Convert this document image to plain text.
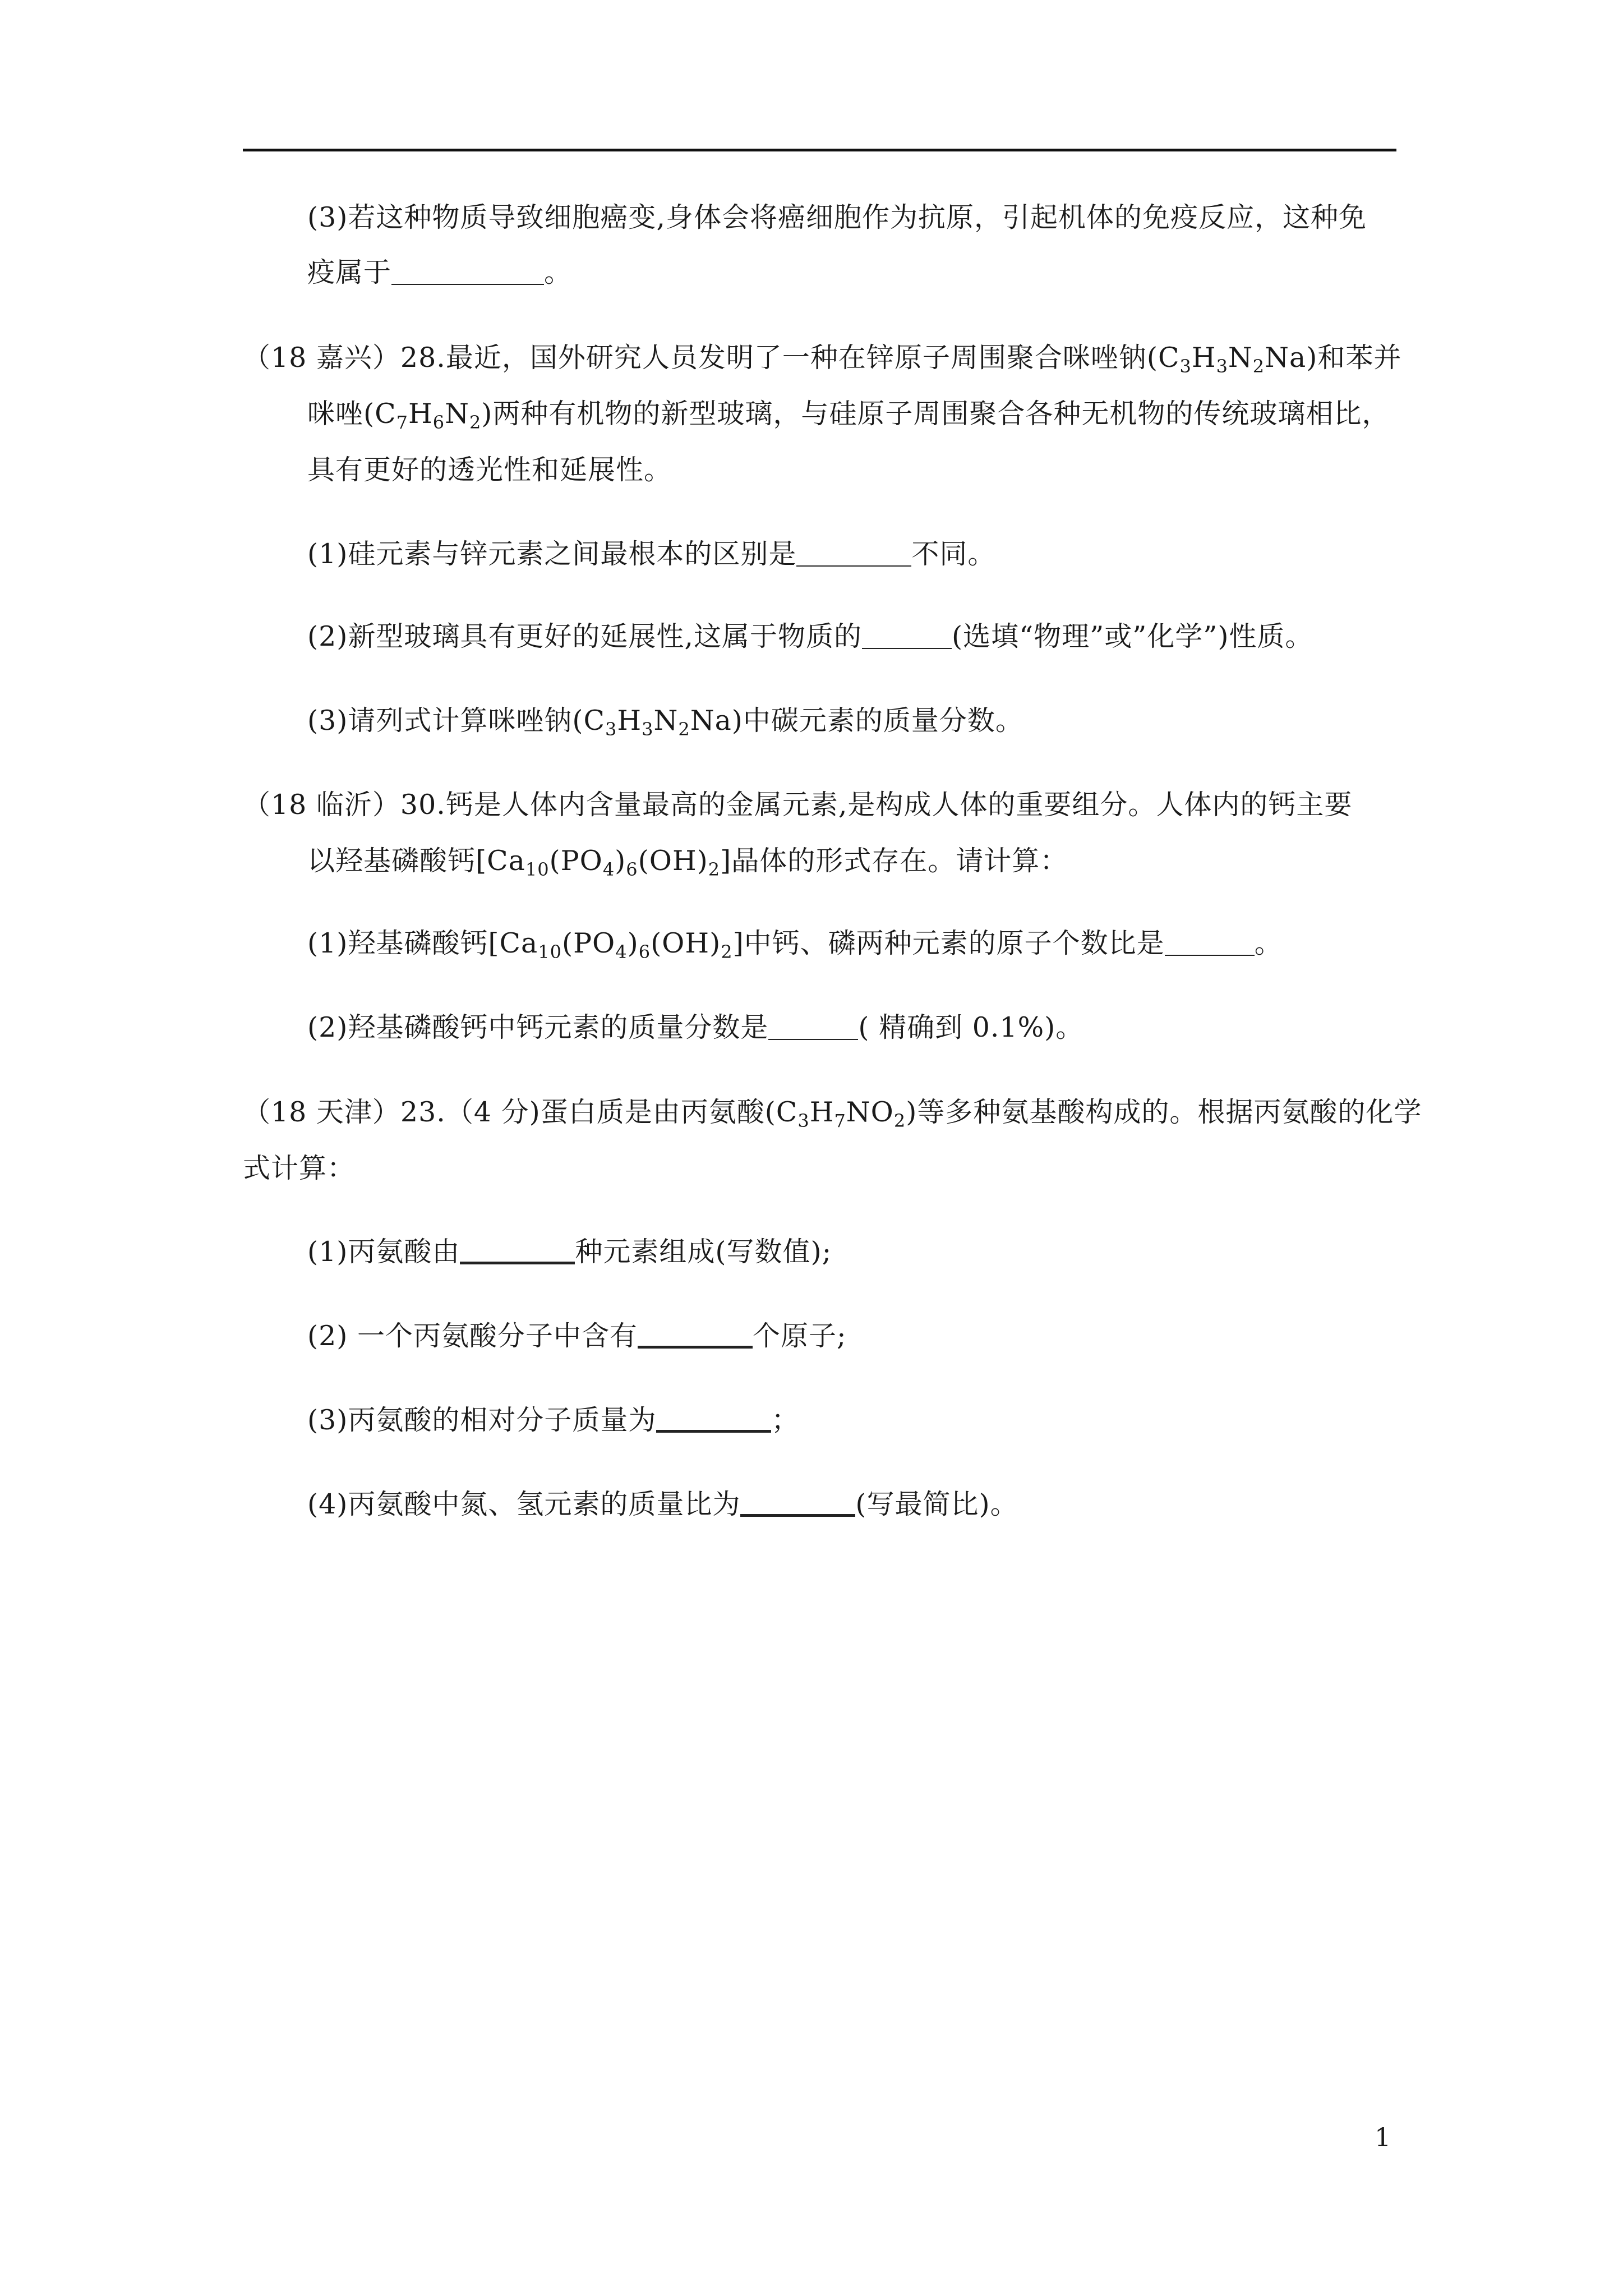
(3)若这种物质导致细胞癌变,身体会将癌细胞作为抗原，引起机体的免疫反应，这种免
疫属于	。
（18 嘉兴）28.最近，国外研究人员发明了一种在锌原子周围聚合咪唑钠$(C_3H_3N_2Na)$和苯并
咪唑$(C_7H_6N_2)$两种有机物的新型玻璃，与硅原子周围聚合各种无机物的传统玻璃相比，
具有更好的透光性和延展性。
(1)硅元素与锌元素之间最根本的区别是	不同。
(2)新型玻璃具有更好的延展性,这属于物质的	(选填“物理”或”化学”)性质。
(3)请列式计算咪唑钠$(C_3H_3N_2Na)$中碳元素的质量分数。
（18 临沂）30.钙是人体内含量最高的金属元素,是构成人体的重要组分。人体内的钙主要
以羟基磷酸钙$[Ca_{10}(PO_4)_6(OH)_2]$晶体的形式存在。请计算：
(1)羟基磷酸钙$[Ca_{10}(PO_4)_6(OH)_2]$中钙、磷两种元素的原子个数比是	。
(2)羟基磷酸钙中钙元素的质量分数是	( 精确到 0.1%)。
（18 天津）23.（4 分)蛋白质是由丙氨酸$(C_3H_7NO_2)$等多种氨基酸构成的。根据丙氨酸的化学
式计算：
(1)丙氨酸由	种元素组成(写数值);
(2) 一个丙氨酸分子中含有	个原子;
(3)丙氨酸的相对分子质量为	；
(4)丙氨酸中氮、氢元素的质量比为	(写最简比)。
1
